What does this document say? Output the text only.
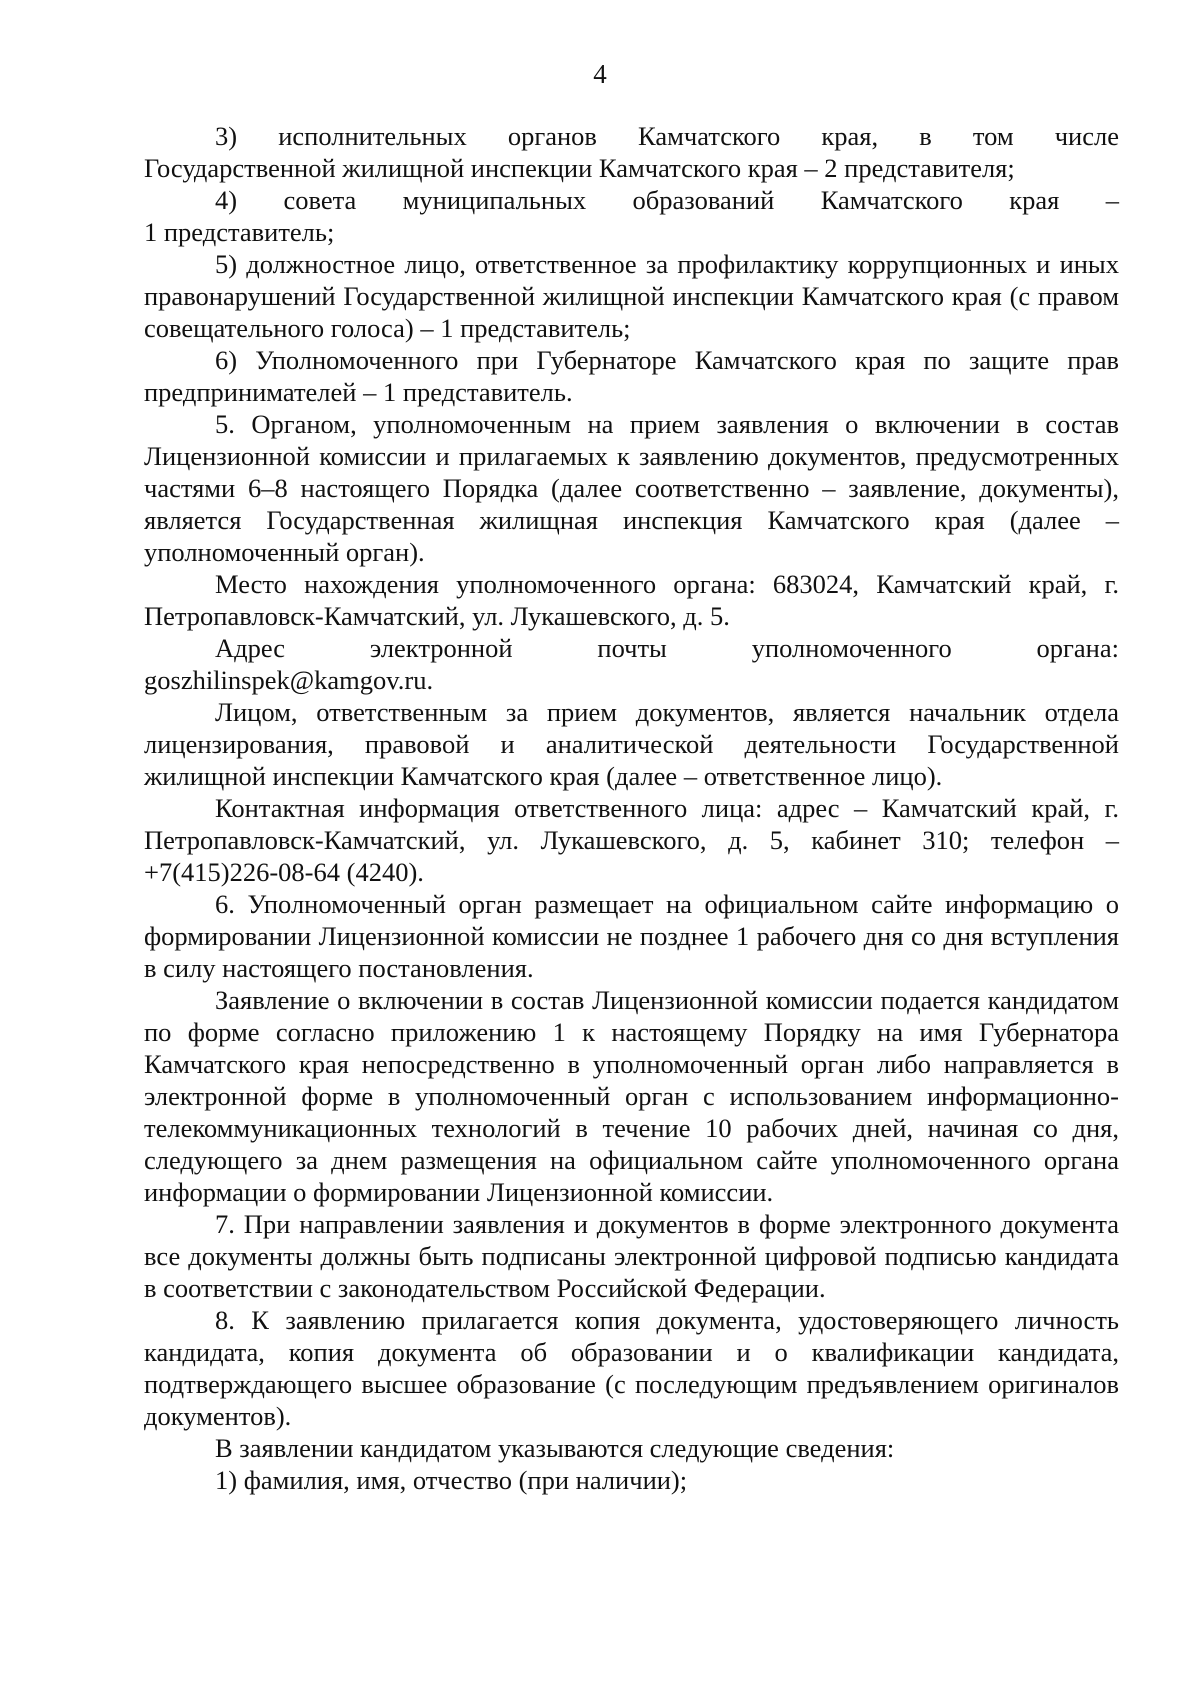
4

3) исполнительных органов Камчатского края, в том числе

Государственной жилищной инспекции Камчатского края – 2 представителя;

4) совета муниципальных образований Камчатского края –

1 представитель;

5) должностное лицо, ответственное за профилактику коррупционных и иных правонарушений Государственной жилищной инспекции Камчатского края (с правом совещательного голоса) – 1 представитель;

6) Уполномоченного при Губернаторе Камчатского края по защите прав предпринимателей – 1 представитель.

5. Органом, уполномоченным на прием заявления о включении в состав Лицензионной комиссии и прилагаемых к заявлению документов, предусмотренных частями 6–8 настоящего Порядка (далее соответственно – заявление, документы), является Государственная жилищная инспекция Камчатского края (далее – уполномоченный орган).

Место нахождения уполномоченного органа: 683024, Камчатский край, г. Петропавловск-Камчатский, ул. Лукашевского, д. 5.

Адрес электронной почты уполномоченного органа:

goszhilinspek@kamgov.ru.

Лицом, ответственным за прием документов, является начальник отдела лицензирования, правовой и аналитической деятельности Государственной жилищной инспекции Камчатского края (далее – ответственное лицо).

Контактная информация ответственного лица: адрес – Камчатский край, г. Петропавловск-Камчатский, ул. Лукашевского, д. 5, кабинет 310; телефон – +7(415)226-08-64 (4240).

6. Уполномоченный орган размещает на официальном сайте информацию о формировании Лицензионной комиссии не позднее 1 рабочего дня со дня вступления в силу настоящего постановления.

Заявление о включении в состав Лицензионной комиссии подается кандидатом по форме согласно приложению 1 к настоящему Порядку на имя Губернатора Камчатского края непосредственно в уполномоченный орган либо направляется в электронной форме в уполномоченный орган с использованием информационно-телекоммуникационных технологий в течение 10 рабочих дней, начиная со дня, следующего за днем размещения на официальном сайте уполномоченного органа информации о формировании Лицензионной комиссии.

7. При направлении заявления и документов в форме электронного документа все документы должны быть подписаны электронной цифровой подписью кандидата в соответствии с законодательством Российской Федерации.

8. К заявлению прилагается копия документа, удостоверяющего личность кандидата, копия документа об образовании и о квалификации кандидата, подтверждающего высшее образование (с последующим предъявлением оригиналов документов).

В заявлении кандидатом указываются следующие сведения:

1) фамилия, имя, отчество (при наличии);
